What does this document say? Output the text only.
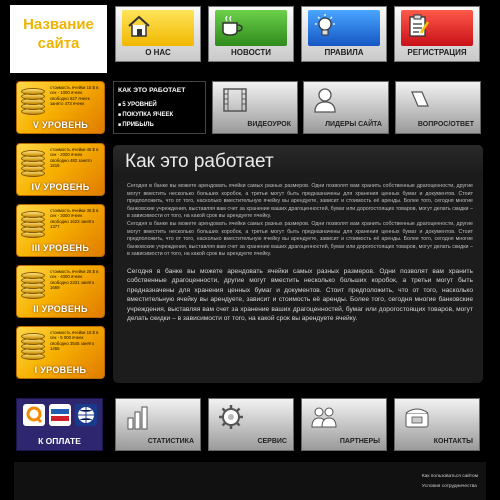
Название
сайта
О НАС	НОВОСТИ	ПРАВИЛА	РЕГИСТРАЦИЯ
стоимость ячейки 15 $ в сек - 1000 ячеек свободно 527 ячеек занято 473 ячеек
V УРОВЕНЬ
стоимость ячейки 45 $ в сек - 2000 ячеек свободно 482 занято 1518
IV УРОВЕНЬ
стоимость ячейки 35 $ в сек - 3000 ячеек свободно 1623 занято 1377
III УРОВЕНЬ
стоимость ячейки 25 $ в сек - 4000 ячеек свободно 2331 занято 1669
II УРОВЕНЬ
стоимость ячейки 15 $ в сек - 5 000 ячеек свободно 3545 занято 1455
I УРОВЕНЬ
КАК ЭТО РАБОТАЕТ
■ 5 УРОВНЕЙ
■ ПОКУПКА ЯЧЕЕК
■ ПРИБЫЛЬ	ВИДЕОУРОК	ЛИДЕРЫ САЙТА	ВОПРОС/ОТВЕТ
Как это работает

Сегодня в банке вы можете арендовать ячейки самых разных размеров. Одни позволят вам хранить собственные драгоценности, другие могут вместить несколько больших коробок, а третьи могут быть предназначены для хранения ценных бумаг и документов. Стоит предположить, что от того, насколько вместительную ячейку вы арендуете, зависит и стоимость её аренды. Более того, сегодня многие банковские учреждения, выставляя вам счет за хранение ваших драгоценностей, бумаг или дорогостоящих товаров, могут делать скидки – в зависимости от того, на какой срок вы арендуете ячейку.

Сегодня в банке вы можете арендовать ячейки самых разных размеров. Одни позволят вам хранить собственные драгоценности, другие могут вместить несколько больших коробок, а третьи могут быть предназначены для хранения ценных бумаг и документов. Стоит предположить, что от того, насколько вместительную ячейку вы арендуете, зависит и стоимость её аренды. Более того, сегодня многие банковские учреждения, выставляя вам счет за хранение ваших драгоценностей, бумаг или дорогостоящих товаров, могут делать скидки – в зависимости от того, на какой срок вы арендуете ячейку.

Сегодня в банке вы можете арендовать ячейки самых разных размеров. Одни позволят вам хранить собственные драгоценности, другие могут вместить несколько больших коробок, а третьи могут быть предназначены для хранения ценных бумаг и документов. Стоит предположить, что от того, насколько вместительную ячейку вы арендуете, зависит и стоимость её аренды. Более того, сегодня многие банковские учреждения, выставляя вам счет за хранение ваших драгоценностей, бумаг или дорогостоящих товаров, могут делать скидки – в зависимости от того, на какой срок вы арендуете ячейку.

К ОПЛАТЕ	СТАТИСТИКА	СЕРВИС	ПАРТНЕРЫ	КОНТАКТЫ
Как пользоваться сайтом
Условия сотрудничества
